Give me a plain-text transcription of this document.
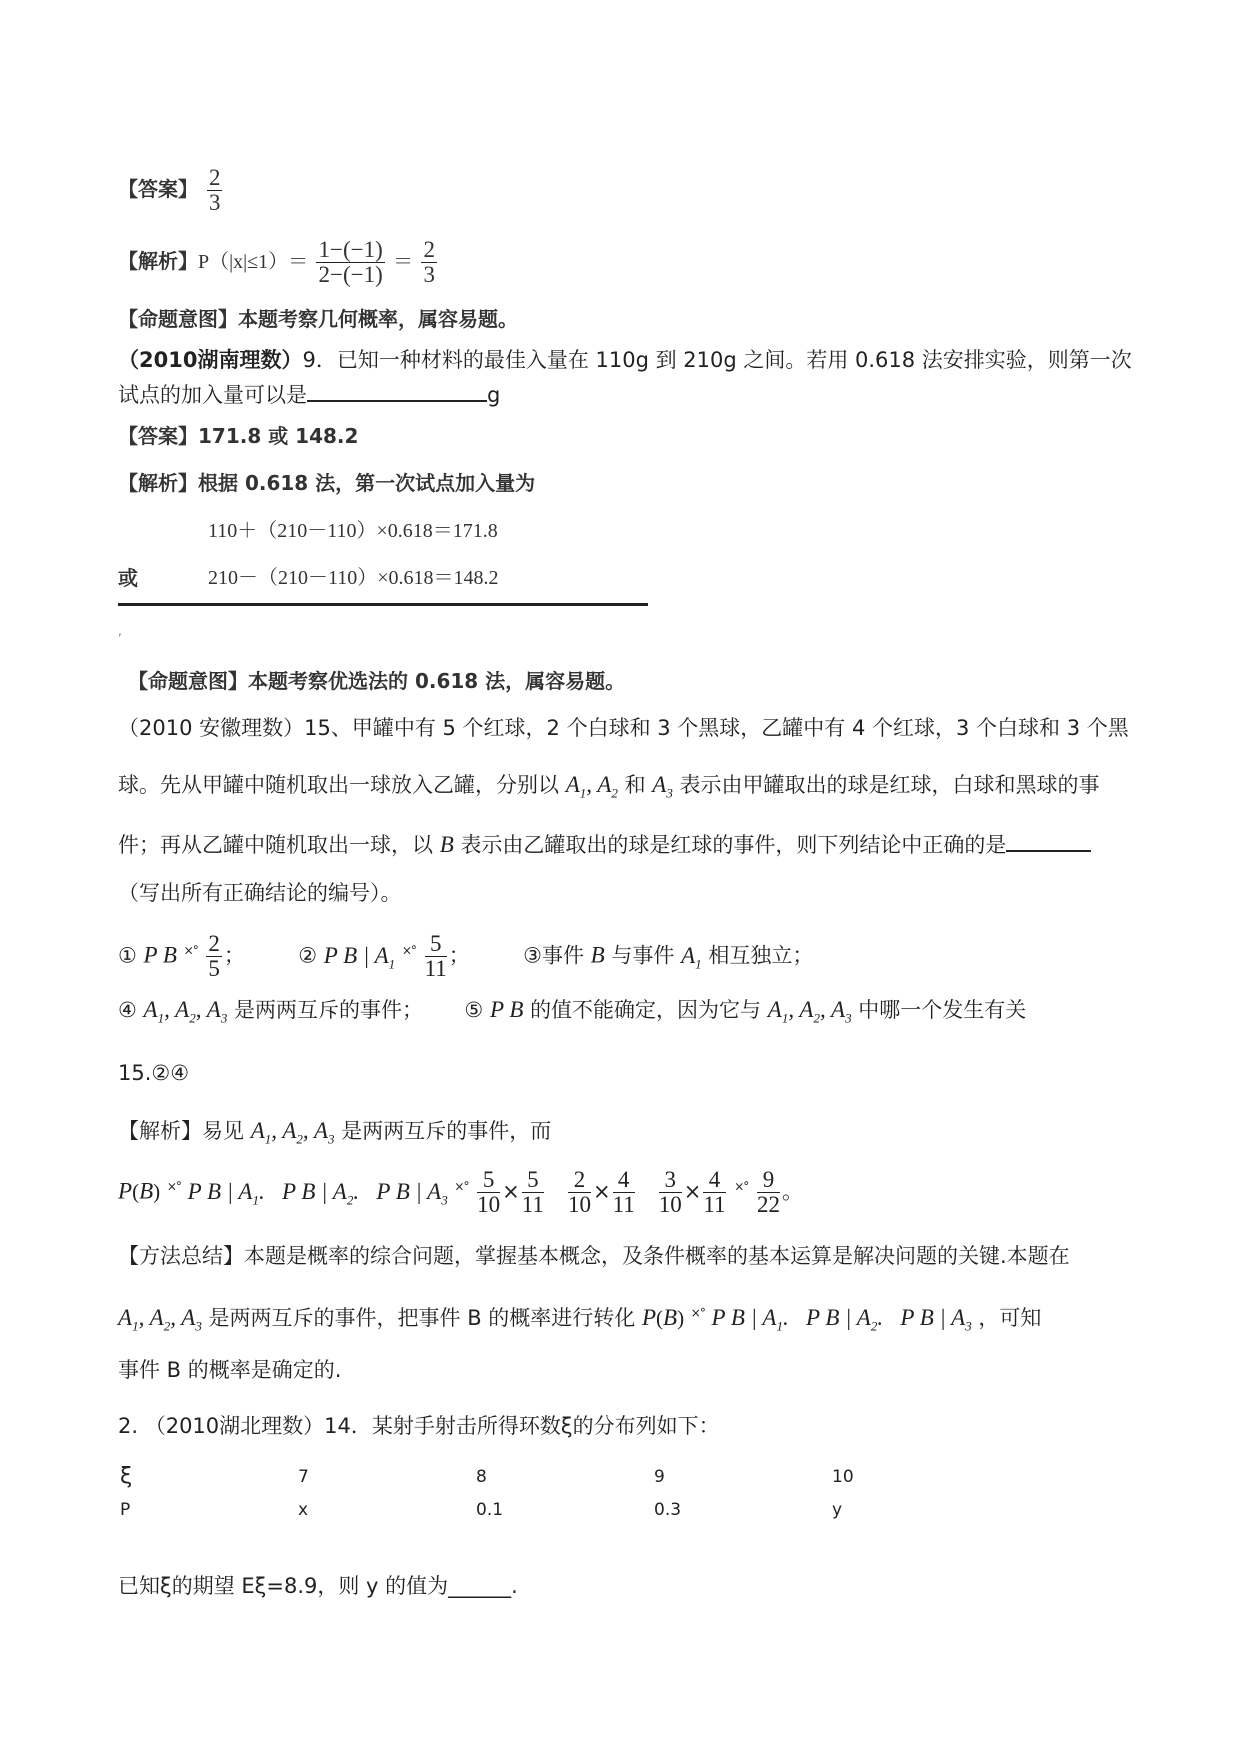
【答案】 $\frac{2}{3}$
【解析】$P(|x|\le 1)= \frac{1-(-1)}{2-(-1)} = \frac{2}{3}$
【命题意图】本题考察几何概率，属容易题。
（2010湖南理数）9．已知一种材料的最佳入量在 110g 到 210g 之间。若用 0.618 法安排实验，则第一次
试点的加入量可以是	g
【答案】171.8 或 148.2
【解析】根据 0.618 法，第一次试点加入量为
110＋（210－110）×0.618＝171.8
或	210－（210－110）×0.618＝148.2
,
【命题意图】本题考察优选法的 0.618 法，属容易题。
（2010 安徽理数）15、甲罐中有 5 个红球，2 个白球和 3 个黑球，乙罐中有 4 个红球，3 个白球和 3 个黑
球。先从甲罐中随机取出一球放入乙罐，分别以 $A_1$, $A_2$ 和 $A_3$ 表示由甲罐取出的球是红球，白球和黑球的事
件；再从乙罐中随机取出一球，以 B 表示由乙罐取出的球是红球的事件，则下列结论中正确的是
（写出所有正确结论的编号）。
① P B $^{\times^\circ} \frac{2}{5}$ ；  ② P B | $A_1$ $^{\times^\circ} \frac{5}{11}$ ；  ③事件 B 与事件 $A_1$ 相互独立；
④ $A_1$, $A_2$, $A_3$ 是两两互斥的事件； ⑤ P B 的值不能确定，因为它与 $A_1$, $A_2$, $A_3$ 中哪一个发生有关
15.②④
【解析】易见 $A_1$, $A_2$, $A_3$ 是两两互斥的事件，而
P(B) ×° P B | $A_1$.   P B | $A_2$.   P B | $A_3$ $^{\times^\circ} \frac{5}{10} \times \frac{5}{11}$
$\frac{2}{10} \times \frac{4}{11}$
$\frac{3}{10} \times \frac{4}{11} ^{\times^\circ} \frac{9}{22}$ 。
【方法总结】本题是概率的综合问题，掌握基本概念，及条件概率的基本运算是解决问题的关键.本题在
$A_1$, $A_2$, $A_3$ 是两两互斥的事件，把事件 B 的概率进行转化 P(B) ×° P B | $A_1$.   P B | $A_2$.   P B | $A_3$ ，可知
事件 B 的概率是确定的.
2. （2010湖北理数）14．某射手射击所得环数ξ的分布列如下：
ξ	7	8	9	10
P	x	0.1	0.3	y
已知ξ的期望 Eξ=8.9，则 y 的值为______.
